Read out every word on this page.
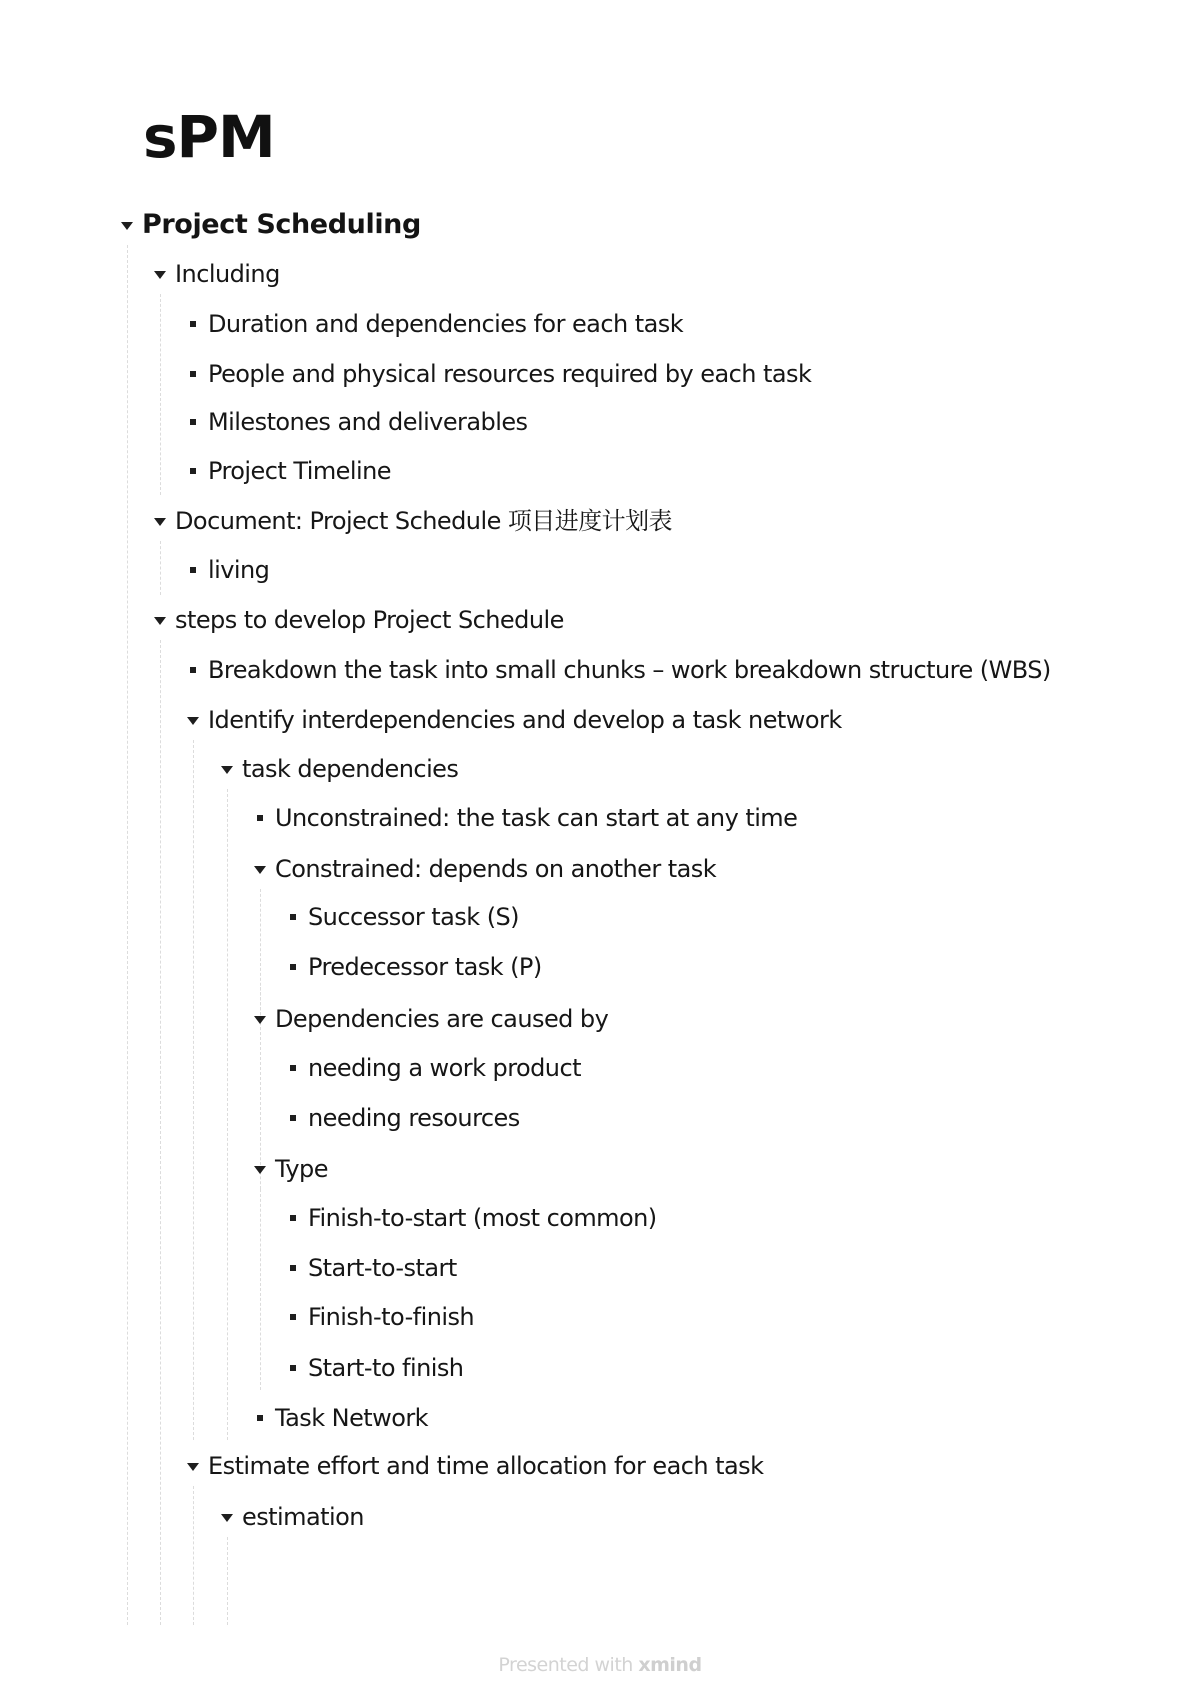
sPM
Project Scheduling
Including
Duration and dependencies for each task
People and physical resources required by each task
Milestones and deliverables
Project Timeline
Document: Project Schedule 项目进度计划表
living
steps to develop Project Schedule
Breakdown the task into small chunks – work breakdown structure (WBS)
Identify interdependencies and develop a task network
task dependencies
Unconstrained: the task can start at any time
Constrained: depends on another task
Successor task (S)
Predecessor task (P)
Dependencies are caused by
needing a work product
needing resources
Type
Finish-to-start (most common)
Start-to-start
Finish-to-finish
Start-to finish
Task Network
Estimate effort and time allocation for each task
estimation
Presented with xmind
